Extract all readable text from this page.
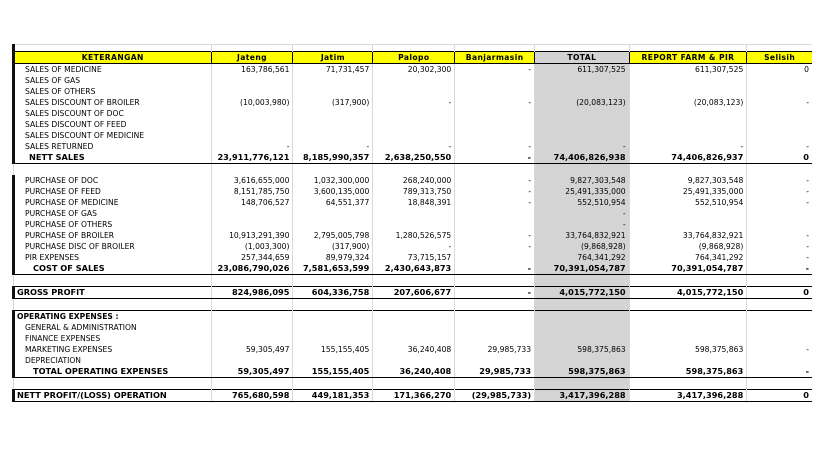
KETERANGAN	Jateng	Jatim	Palopo	Banjarmasin	TOTAL	REPORT FARM & PIR	Selisih
SALES OF MEDICINE	163,786,561	71,731,457	20,302,300	-	611,307,525	611,307,525	0
SALES OF GAS							
SALES OF OTHERS							
SALES DISCOUNT OF BROILER	(10,003,980)	(317,900)	-	-	(20,083,123)	(20,083,123)	-
SALES DISCOUNT OF DOC							
SALES DISCOUNT OF FEED							
SALES DISCOUNT OF MEDICINE							
SALES RETURNED	-	-	-	-	-	-	-
NETT SALES	23,911,776,121	8,185,990,357	2,638,250,550	-	74,406,826,938	74,406,826,937	0

PURCHASE OF DOC	3,616,655,000	1,032,300,000	268,240,000	-	9,827,303,548	9,827,303,548	-
PURCHASE OF FEED	8,151,785,750	3,600,135,000	789,313,750	-	25,491,335,000	25,491,335,000	-
PURCHASE OF MEDICINE	148,706,527	64,551,377	18,848,391	-	552,510,954	552,510,954	-
PURCHASE OF GAS					-		
PURCHASE OF OTHERS					-		
PURCHASE OF BROILER	10,913,291,390	2,795,005,798	1,280,526,575	-	33,764,832,921	33,764,832,921	-
PURCHASE DISC OF BROILER	(1,003,300)	(317,900)	-	-	(9,868,928)	(9,868,928)	-
PIR EXPENSES	257,344,659	89,979,324	73,715,157		764,341,292	764,341,292	-
COST OF SALES	23,086,790,026	7,581,653,599	2,430,643,873	-	70,391,054,787	70,391,054,787	-

GROSS PROFIT	824,986,095	604,336,758	207,606,677	-	4,015,772,150	4,015,772,150	0

OPERATING EXPENSES :							
GENERAL & ADMINISTRATION							
FINANCE EXPENSES							
MARKETING EXPENSES	59,305,497	155,155,405	36,240,408	29,985,733	598,375,863	598,375,863	-
DEPRECIATION							
TOTAL OPERATING EXPENSES	59,305,497	155,155,405	36,240,408	29,985,733	598,375,863	598,375,863	-

NETT PROFIT/(LOSS) OPERATION	765,680,598	449,181,353	171,366,270	(29,985,733)	3,417,396,288	3,417,396,288	0
